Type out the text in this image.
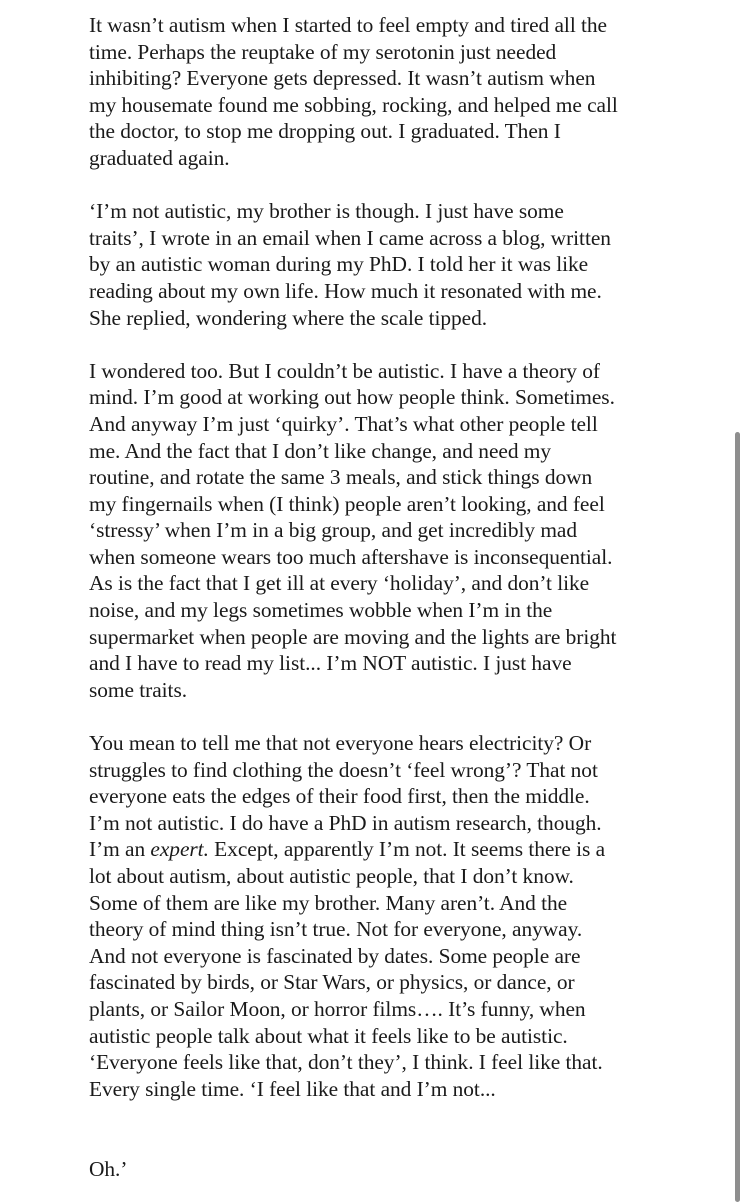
It wasn’t autism when I started to feel empty and tired all the
time. Perhaps the reuptake of my serotonin just needed
inhibiting? Everyone gets depressed. It wasn’t autism when
my housemate found me sobbing, rocking, and helped me call
the doctor, to stop me dropping out. I graduated. Then I
graduated again.
‘I’m not autistic, my brother is though. I just have some
traits’, I wrote in an email when I came across a blog, written
by an autistic woman during my PhD. I told her it was like
reading about my own life. How much it resonated with me.
She replied, wondering where the scale tipped.
I wondered too. But I couldn’t be autistic. I have a theory of
mind. I’m good at working out how people think. Sometimes.
And anyway I’m just ‘quirky’. That’s what other people tell
me. And the fact that I don’t like change, and need my
routine, and rotate the same 3 meals, and stick things down
my fingernails when (I think) people aren’t looking, and feel
‘stressy’ when I’m in a big group, and get incredibly mad
when someone wears too much aftershave is inconsequential.
As is the fact that I get ill at every ‘holiday’, and don’t like
noise, and my legs sometimes wobble when I’m in the
supermarket when people are moving and the lights are bright
and I have to read my list... I’m NOT autistic. I just have
some traits.
You mean to tell me that not everyone hears electricity? Or
struggles to find clothing the doesn’t ‘feel wrong’? That not
everyone eats the edges of their food first, then the middle.
I’m not autistic. I do have a PhD in autism research, though.
I’m an expert. Except, apparently I’m not. It seems there is a
lot about autism, about autistic people, that I don’t know.
Some of them are like my brother. Many aren’t. And the
theory of mind thing isn’t true. Not for everyone, anyway.
And not everyone is fascinated by dates. Some people are
fascinated by birds, or Star Wars, or physics, or dance, or
plants, or Sailor Moon, or horror films…. It’s funny, when
autistic people talk about what it feels like to be autistic.
‘Everyone feels like that, don’t they’, I think. I feel like that.
Every single time. ‘I feel like that and I’m not...
Oh.’
